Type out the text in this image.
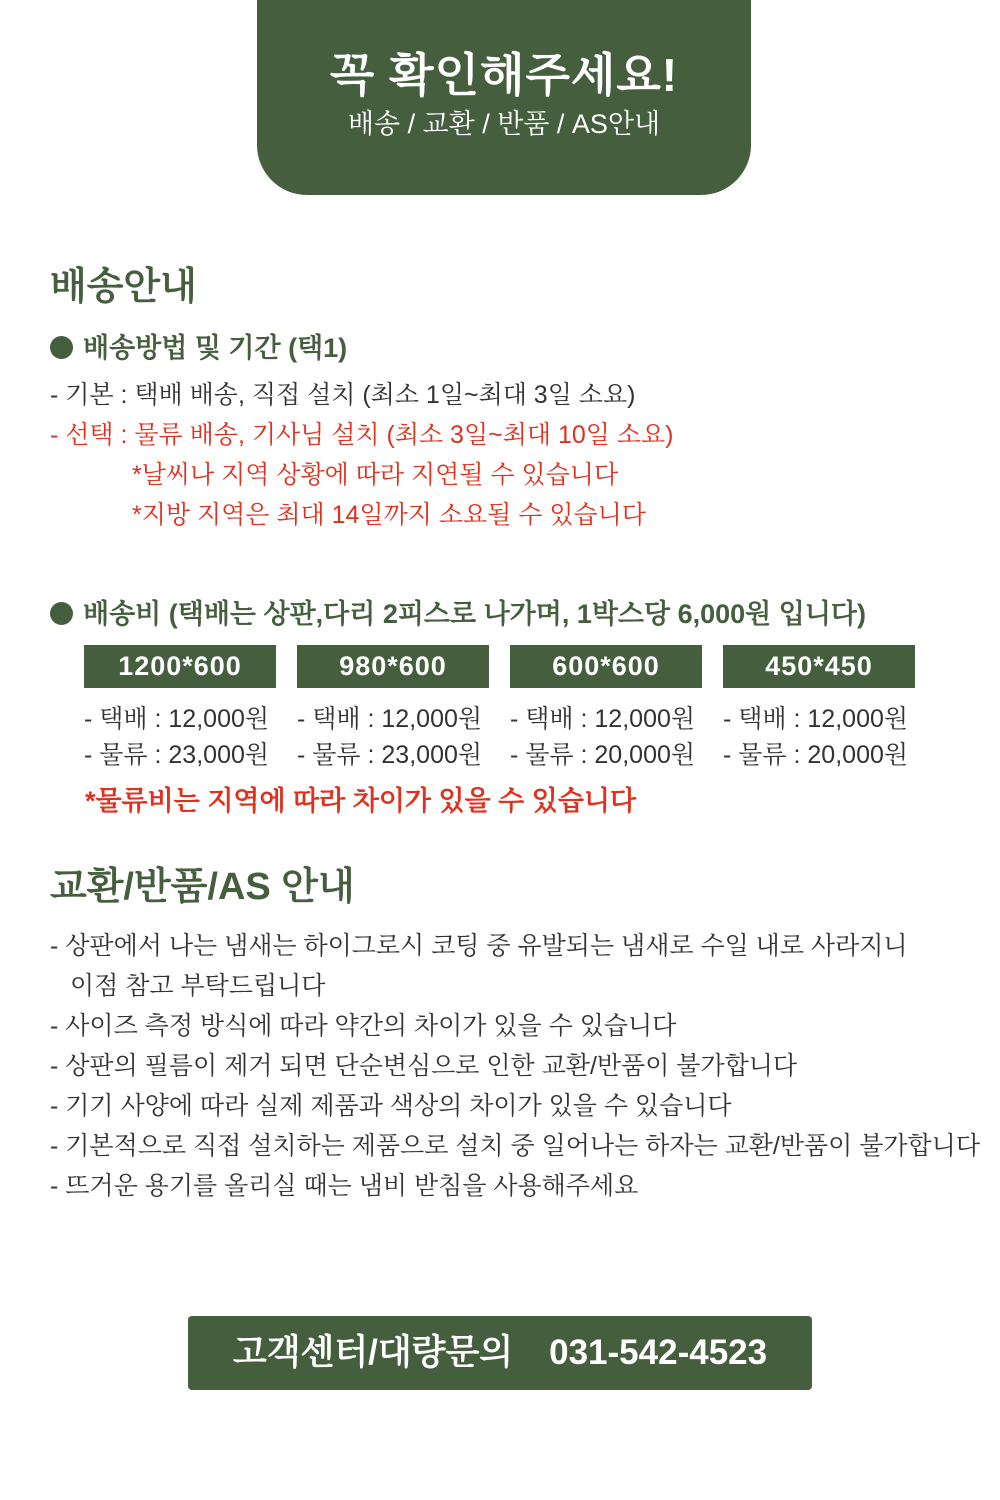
꼭 확인해주세요!
배송 / 교환 / 반품 / AS안내
배송안내
배송방법 및 기간 (택1)
- 기본 : 택배 배송, 직접 설치 (최소 1일~최대 3일 소요)
- 선택 : 물류 배송, 기사님 설치 (최소 3일~최대 10일 소요)
*날씨나 지역 상황에 따라 지연될 수 있습니다
*지방 지역은 최대 14일까지 소요될 수 있습니다
배송비 (택배는 상판,다리 2피스로 나가며, 1박스당 6,000원 입니다)
1200*600	980*600	600*600	450*450
- 택배 : 12,000원 - 택배 : 12,000원 - 택배 : 12,000원 - 택배 : 12,000원
- 물류 : 23,000원 - 물류 : 23,000원 - 물류 : 20,000원 - 물류 : 20,000원
*물류비는 지역에 따라 차이가 있을 수 있습니다
교환/반품/AS 안내
- 상판에서 나는 냄새는 하이그로시 코팅 중 유발되는 냄새로 수일 내로 사라지니
이점 참고 부탁드립니다
- 사이즈 측정 방식에 따라 약간의 차이가 있을 수 있습니다
- 상판의 필름이 제거 되면 단순변심으로 인한 교환/반품이 불가합니다
- 기기 사양에 따라 실제 제품과 색상의 차이가 있을 수 있습니다
- 기본적으로 직접 설치하는 제품으로 설치 중 일어나는 하자는 교환/반품이 불가합니다
- 뜨거운 용기를 올리실 때는 냄비 받침을 사용해주세요
고객센터/대량문의 031-542-4523
